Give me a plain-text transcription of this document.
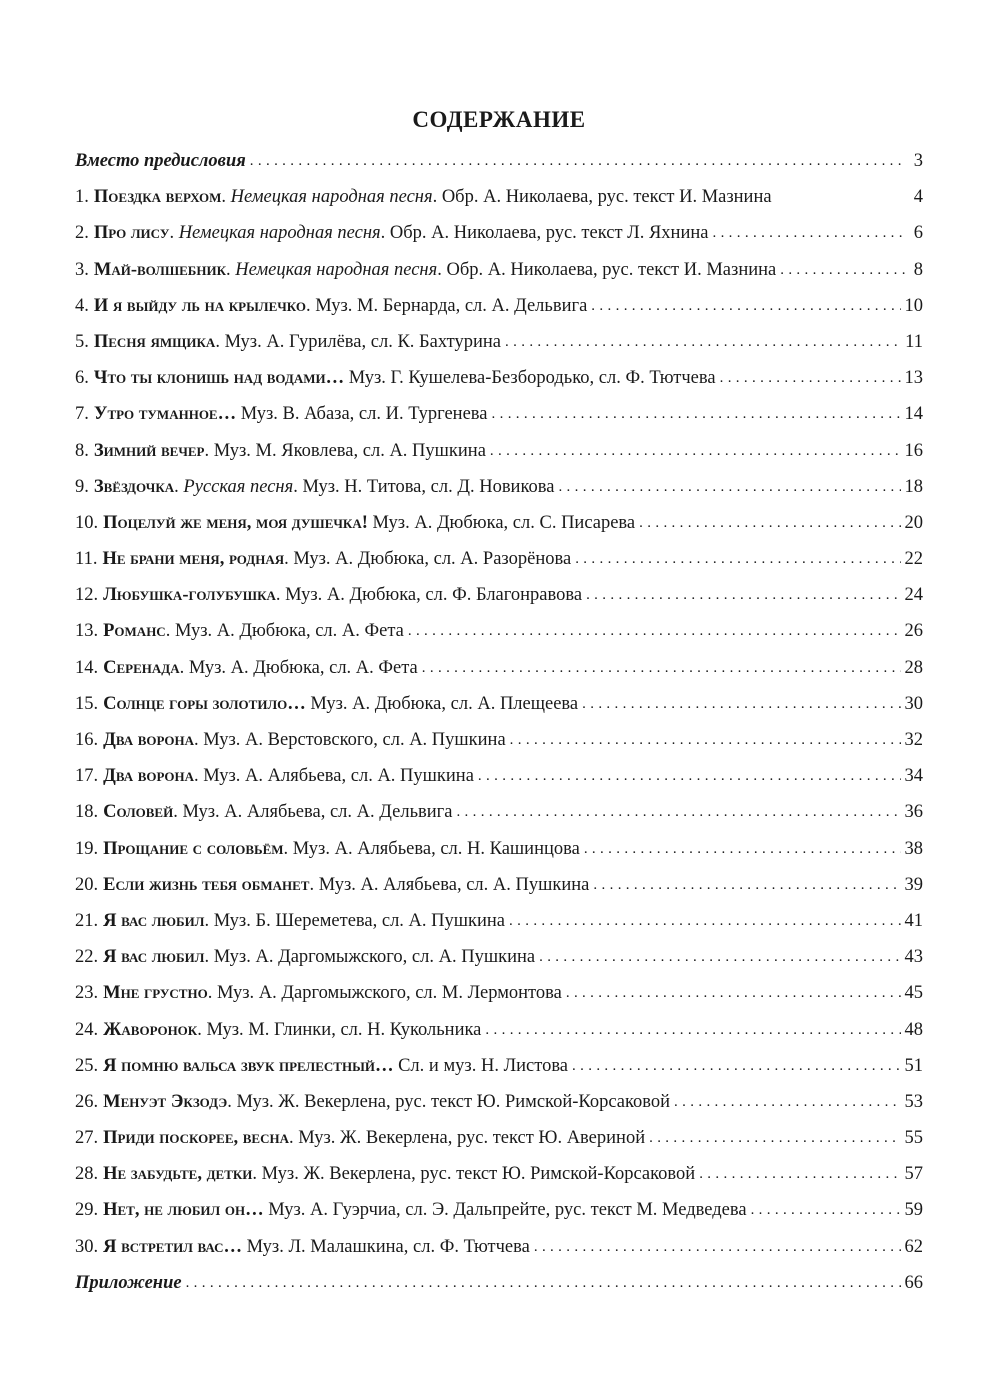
СОДЕРЖАНИЕ
Вместо предисловия . . .	3
1. Поездка верхом. Немецкая народная песня. Обр. А. Николаева, рус. текст И. Мазнина	4
2. Про лису. Немецкая народная песня. Обр. А. Николаева, рус. текст Л. Яхнина . . .	6
3. Май-волшебник. Немецкая народная песня. Обр. А. Николаева, рус. текст И. Мазнина . . .	8
4. И я выйду ль на крылечко. Муз. М. Бернарда, сл. А. Дельвига . . .	10
5. Песня ямщика. Муз. А. Гурилёва, сл. К. Бахтурина . . .	11
6. Что ты клонишь над водами… Муз. Г. Кушелева-Безбородько, сл. Ф. Тютчева . . .	13
7. Утро туманное… Муз. В. Абаза, сл. И. Тургенева . . .	14
8. Зимний вечер. Муз. М. Яковлева, сл. А. Пушкина . . .	16
9. Звёздочка. Русская песня. Муз. Н. Титова, сл. Д. Новикова . . .	18
10. Поцелуй же меня, моя душечка! Муз. А. Дюбюка, сл. С. Писарева . . .	20
11. Не брани меня, родная. Муз. А. Дюбюка, сл. А. Разорёнова . . .	22
12. Любушка-голубушка. Муз. А. Дюбюка, сл. Ф. Благонравова . . .	24
13. Романс. Муз. А. Дюбюка, сл. А. Фета . . .	26
14. Серенада. Муз. А. Дюбюка, сл. А. Фета . . .	28
15. Солнце горы золотило… Муз. А. Дюбюка, сл. А. Плещеева . . .	30
16. Два ворона. Муз. А. Верстовского, сл. А. Пушкина . . .	32
17. Два ворона. Муз. А. Алябьева, сл. А. Пушкина . . .	34
18. Соловей. Муз. А. Алябьева, сл. А. Дельвига . . .	36
19. Прощание с соловьём. Муз. А. Алябьева, сл. Н. Кашинцова . . .	38
20. Если жизнь тебя обманет. Муз. А. Алябьева, сл. А. Пушкина . . .	39
21. Я вас любил. Муз. Б. Шереметева, сл. А. Пушкина . . .	41
22. Я вас любил. Муз. А. Даргомыжского, сл. А. Пушкина . . .	43
23. Мне грустно. Муз. А. Даргомыжского, сл. М. Лермонтова . . .	45
24. Жаворонок. Муз. М. Глинки, сл. Н. Кукольника . . .	48
25. Я помню вальса звук прелестный… Сл. и муз. Н. Листова . . .	51
26. Менуэт Экзодэ. Муз. Ж. Векерлена, рус. текст Ю. Римской-Корсаковой . . .	53
27. Приди поскорее, весна. Муз. Ж. Векерлена, рус. текст Ю. Авериной . . .	55
28. Не забудьте, детки. Муз. Ж. Векерлена, рус. текст Ю. Римской-Корсаковой . . .	57
29. Нет, не любил он… Муз. А. Гуэрчиа, сл. Э. Дальпрейте, рус. текст М. Медведева . . .	59
30. Я встретил вас… Муз. Л. Малашкина, сл. Ф. Тютчева . . .	62
Приложение . . .	66
